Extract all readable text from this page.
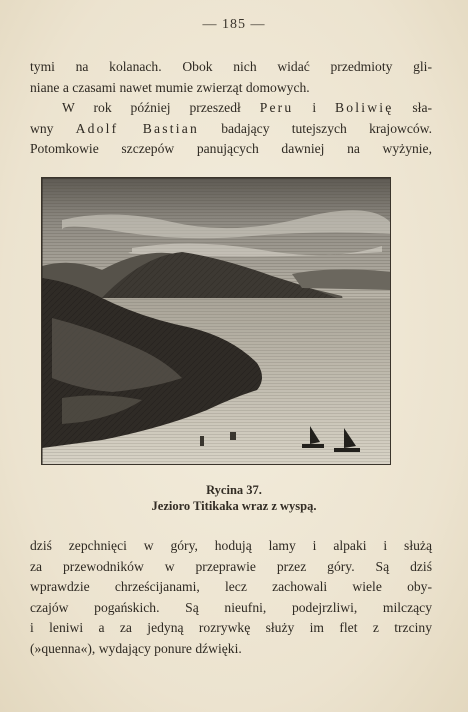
— 185 —
tymi na kolanach. Obok nich widać przedmioty gli-
niane a czasami nawet mumie zwierząt domowych.
W rok później przeszedł Peru i Boliwię sła-
wny Adolf Bastian badający tutejszych krajowców.
Potomkowie szczepów panujących dawniej na wyżynie,
Rycina 37.
Jezioro Titikaka wraz z wyspą.
dziś zepchnięci w góry, hodują lamy i alpaki i służą
za przewodników w przeprawie przez góry. Są dziś
wprawdzie chrześcijanami, lecz zachowali wiele oby-
czajów pogańskich. Są nieufni, podejrzliwi, milczący
i leniwi a za jedyną rozrywkę służy im flet z trzciny
(»quenna«), wydający ponure dźwięki.
